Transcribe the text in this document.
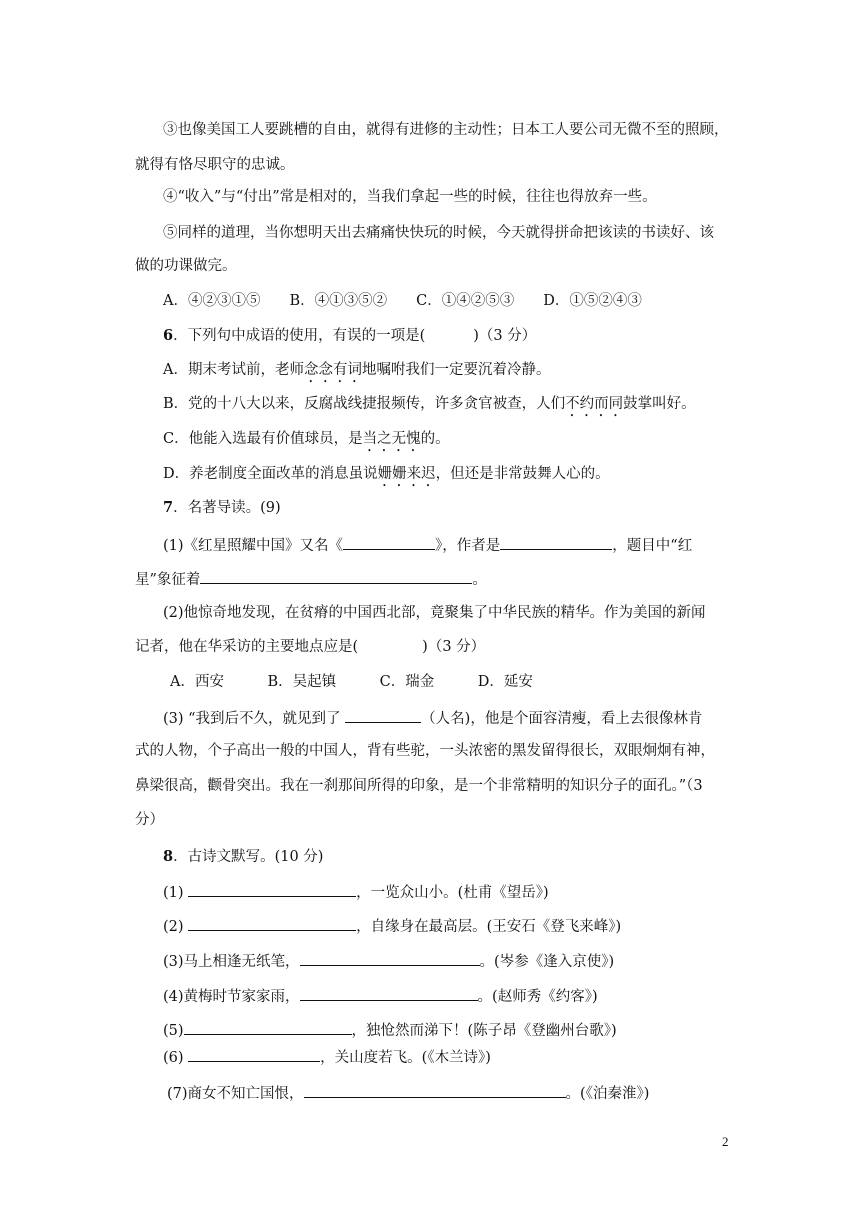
③也像美国工人要跳槽的自由，就得有进修的主动性；日本工人要公司无微不至的照顾，
就得有恪尽职守的忠诚。
④“收入”与“付出”常是相对的，当我们拿起一些的时候，往往也得放弃一些。
⑤同样的道理，当你想明天出去痛痛快快玩的时候，今天就得拼命把该读的书读好、该
做的功课做完。
A．④②③①⑤　　B．④①③⑤②　　C．①④②⑤③　　D．①⑤②④③
6．下列句中成语的使用，有误的一项是(	)（3 分）
A．期末考试前，老师念念有词地嘱咐我们一定要沉着冷静。
B．党的十八大以来，反腐战线捷报频传，许多贪官被查，人们不约而同鼓掌叫好。
C．他能入选最有价值球员，是当之无愧的。
D．养老制度全面改革的消息虽说姗姗来迟，但还是非常鼓舞人心的。
7．名著导读。(9)
(1)《红星照耀中国》又名《	》，作者是	，题目中“红
星”象征着	。
(2)他惊奇地发现，在贫瘠的中国西北部，竟聚集了中华民族的精华。作为美国的新闻
记者，他在华采访的主要地点应是(	)（3 分）
A．西安　　　B．吴起镇　　　C．瑞金　　　D．延安
(3) “我到后不久，就见到了	（人名)，他是个面容清瘦，看上去很像林肯
式的人物，个子高出一般的中国人，背有些驼，一头浓密的黑发留得很长，双眼炯炯有神，
鼻梁很高，颧骨突出。我在一刹那间所得的印象，是一个非常精明的知识分子的面孔。”（3
分）
8．古诗文默写。(10 分)
(1)	，一览众山小。(杜甫《望岳》)
(2)	，自缘身在最高层。(王安石《登飞来峰》)
(3)马上相逢无纸笔，	。(岑参《逢入京使》)
(4)黄梅时节家家雨，	。(赵师秀《约客》)
(5)	，独怆然而涕下！(陈子昂《登幽州台歌》)
(6)	，关山度若飞。(《木兰诗》)
(7)商女不知亡国恨，	。(《泊秦淮》)
2
